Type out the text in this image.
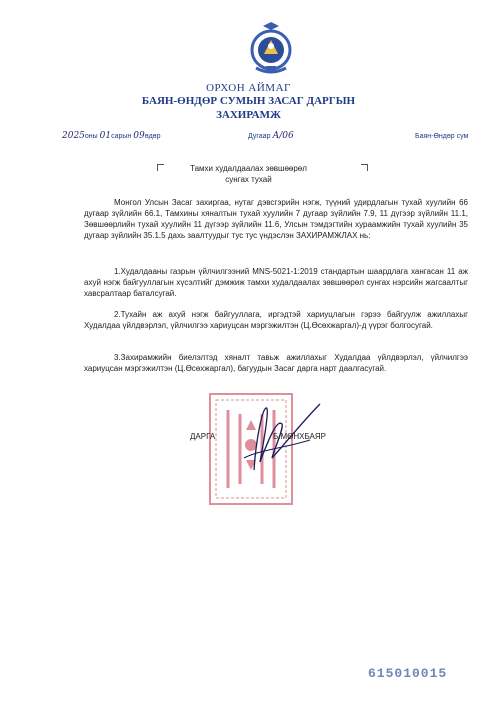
ОРХОН АЙМАГ
БАЯН-ӨНДӨР СУМЫН ЗАСАГ ДАРГЫН
ЗАХИРАМЖ
2025оны 01сарын 09өдөр	Дугаар А/06	Баян-Өндөр сум
Тамхи худалдаалах зөвшөөрөл
сунгах тухай
Монгол Улсын Засаг захиргаа, нутаг дэвсгэрийн нэгж, түүний удирдлагын тухай хуулийн 66 дугаар зүйлийн 66.1, Тамхины хяналтын тухай хуулийн 7 дугаар зүйлийн 7.9, 11 дүгээр зүйлийн 11.1, Зөвшөөрлийн тухай хуулийн 11 дүгээр зүйлийн 11.6, Улсын тэмдэгтийн хураамжийн тухай хуулийн 35 дугаар зүйлийн 35.1.5 дахь заалтуудыг тус тус үндэслэн ЗАХИРАМЖЛАХ нь:
1.Худалдааны газрын үйлчилгээний MNS-5021-1:2019 стандартын шаардлага хангасан 11 аж ахуй нэгж байгууллагын хүсэлтийг дэмжиж тамхи худалдаалах зөвшөөрөл сунгах нэрсийн жагсаалтыг хавсралтаар баталсугай.
2.Тухайн аж ахуй нэгж байгууллага, иргэдтэй хариуцлагын гэрээ байгуулж ажиллахыг Худалдаа үйлдвэрлэл, үйлчилгээ хариуцсан мэргэжилтэн (Ц.Өсөхжаргал)-д үүрэг болгосугай.
3.Захирамжийн биелэлтэд хяналт тавьж ажиллахыг Худалдаа үйлдвэрлэл, үйлчилгээ хариуцсан мэргэжилтэн (Ц.Өсөхжаргал), багуудын Засаг дарга нарт даалгасугай.
ДАРГА	Б.МӨНХБАЯР
615010015
